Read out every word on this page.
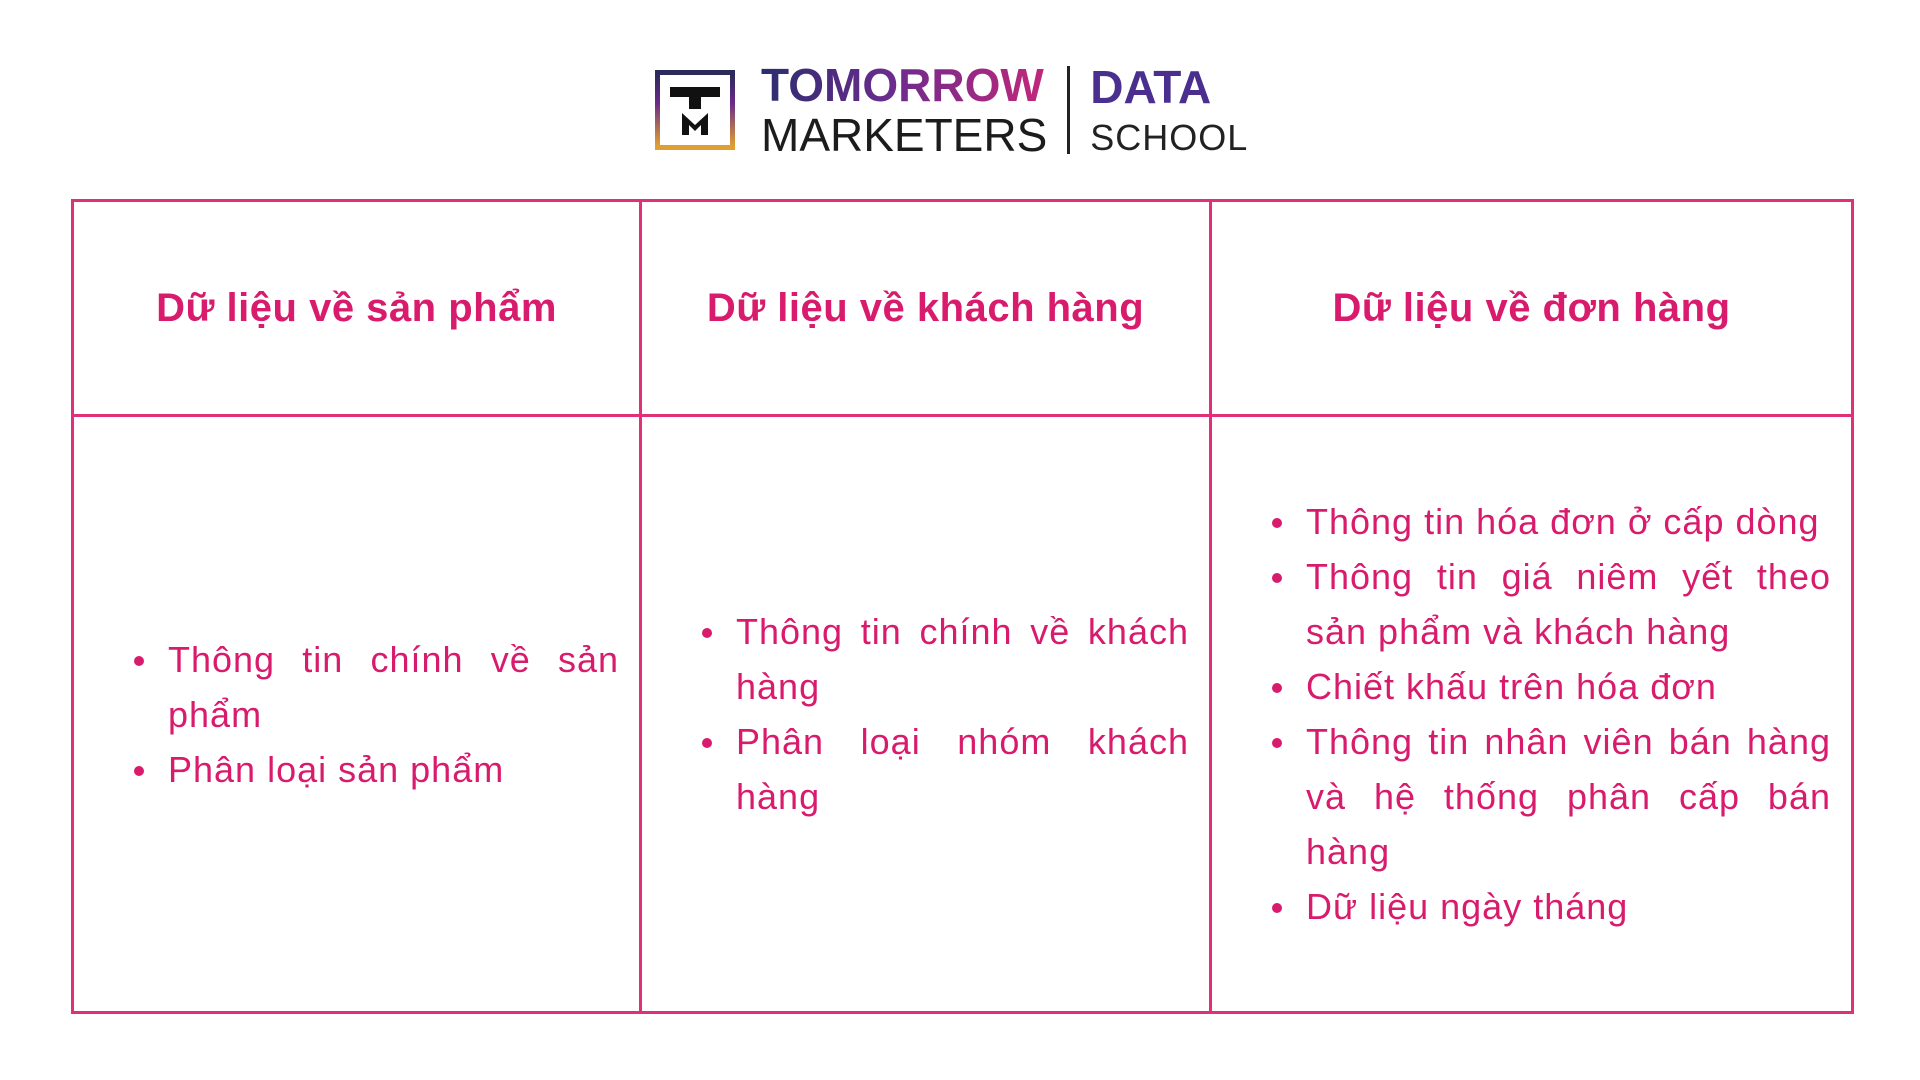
TOMORROW
MARKETERS
DATA
SCHOOL
Dữ liệu về sản phẩm	Dữ liệu về khách hàng	Dữ liệu về đơn hàng
Thông tin chính về sản phẩm
Phân loại sản phẩm
Thông tin chính về khách hàng
Phân loại nhóm khách hàng
Thông tin hóa đơn ở cấp dòng
Thông tin giá niêm yết theo sản phẩm và khách hàng
Chiết khấu trên hóa đơn
Thông tin nhân viên bán hàng và hệ thống phân cấp bán hàng
Dữ liệu ngày tháng
